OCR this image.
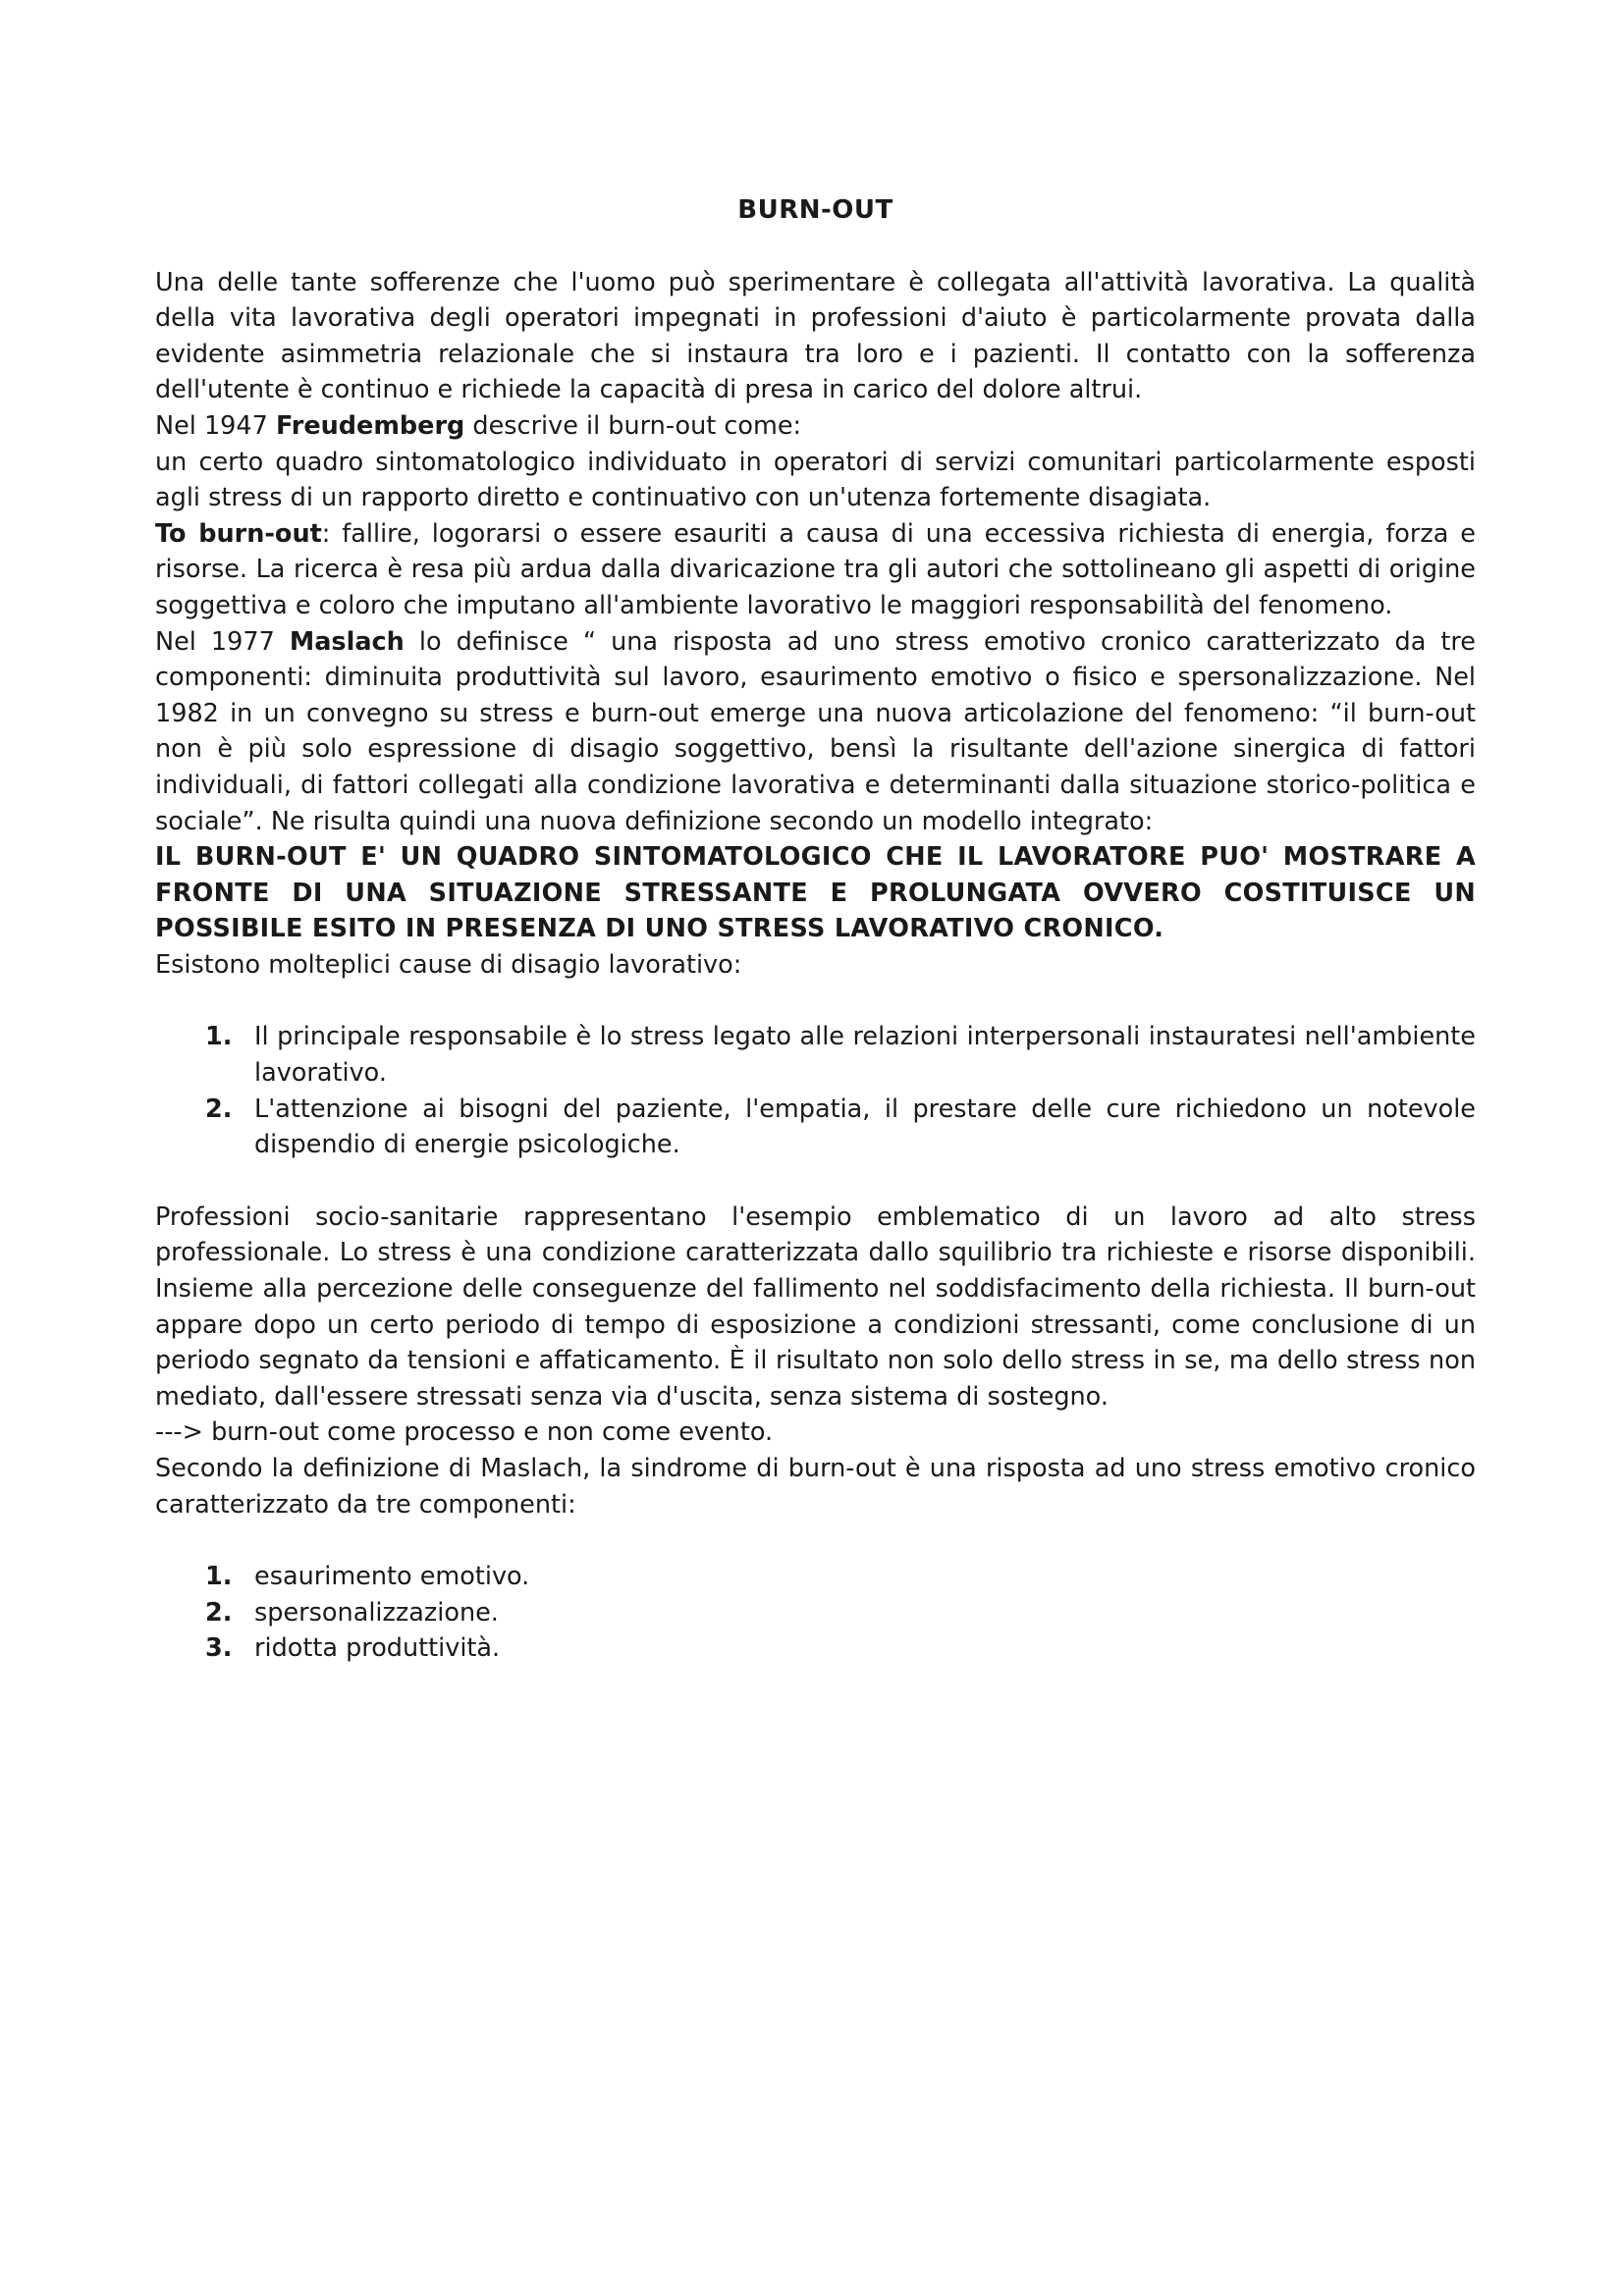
BURN-OUT

Una delle tante sofferenze che l'uomo può sperimentare è collegata all'attività lavorativa. La qualità della vita lavorativa degli operatori impegnati in professioni d'aiuto è particolarmente provata dalla evidente asimmetria relazionale che si instaura tra loro e i pazienti. Il contatto con la sofferenza dell'utente è continuo e richiede la capacità di presa in carico del dolore altrui.

Nel 1947 Freudemberg descrive il burn-out come:

un certo quadro sintomatologico individuato in operatori di servizi comunitari particolarmente esposti agli stress di un rapporto diretto e continuativo con un'utenza fortemente disagiata.

To burn-out: fallire, logorarsi o essere esauriti a causa di una eccessiva richiesta di energia, forza e risorse. La ricerca è resa più ardua dalla divaricazione tra gli autori che sottolineano gli aspetti di origine soggettiva e coloro che imputano all'ambiente lavorativo le maggiori responsabilità del fenomeno.

Nel 1977 Maslach lo definisce “ una risposta ad uno stress emotivo cronico caratterizzato da tre componenti: diminuita produttività sul lavoro, esaurimento emotivo o fisico e spersonalizzazione. Nel 1982 in un convegno su stress e burn-out emerge una nuova articolazione del fenomeno: “il burn-out non è più solo espressione di disagio soggettivo, bensì la risultante dell'azione sinergica di fattori individuali, di fattori collegati alla condizione lavorativa e determinanti dalla situazione storico-politica e sociale”. Ne risulta quindi una nuova definizione secondo un modello integrato:

IL BURN-OUT E' UN QUADRO SINTOMATOLOGICO CHE IL LAVORATORE PUO' MOSTRARE A FRONTE DI UNA SITUAZIONE STRESSANTE E PROLUNGATA OVVERO COSTITUISCE UN POSSIBILE ESITO IN PRESENZA DI UNO STRESS LAVORATIVO CRONICO.

Esistono molteplici cause di disagio lavorativo:

1. Il principale responsabile è lo stress legato alle relazioni interpersonali instauratesi nell'ambiente lavorativo.
2. L'attenzione ai bisogni del paziente, l'empatia, il prestare delle cure richiedono un notevole dispendio di energie psicologiche.

Professioni socio-sanitarie rappresentano l'esempio emblematico di un lavoro ad alto stress professionale. Lo stress è una condizione caratterizzata dallo squilibrio tra richieste e risorse disponibili. Insieme alla percezione delle conseguenze del fallimento nel soddisfacimento della richiesta. Il burn-out appare dopo un certo periodo di tempo di esposizione a condizioni stressanti, come conclusione di un periodo segnato da tensioni e affaticamento. È il risultato non solo dello stress in se, ma dello stress non mediato, dall'essere stressati senza via d'uscita, senza sistema di sostegno.

---> burn-out come processo e non come evento.

Secondo la definizione di Maslach, la sindrome di burn-out è una risposta ad uno stress emotivo cronico caratterizzato da tre componenti:

1. esaurimento emotivo.
2. spersonalizzazione.
3. ridotta produttività.
